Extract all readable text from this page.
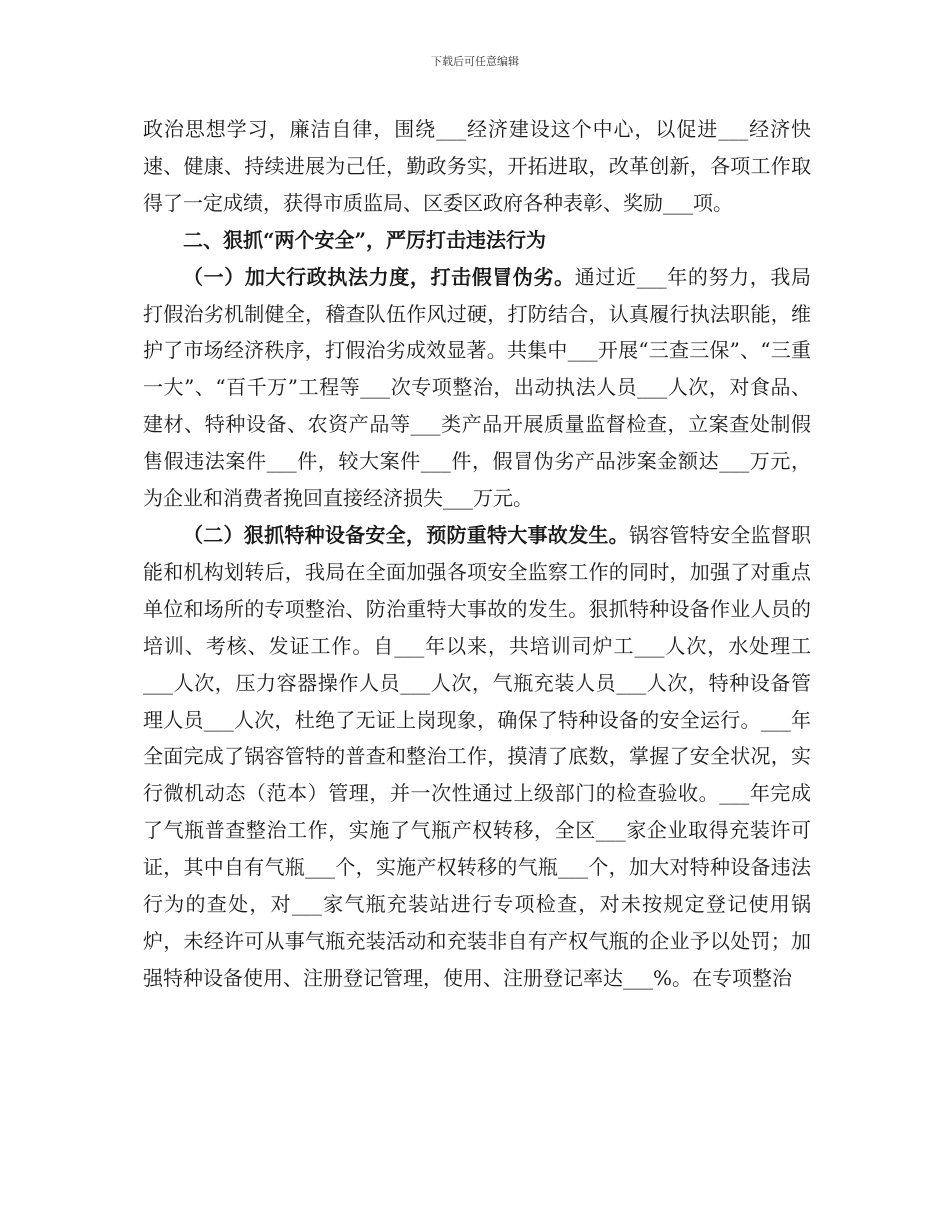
下载后可任意编辑

政治思想学习，廉洁自律，围绕___经济建设这个中心，以促进___经济快速、健康、持续进展为己任，勤政务实，开拓进取，改革创新，各项工作取得了一定成绩，获得市质监局、区委区政府各种表彰、奖励___项。

二、狠抓“两个安全”，严厉打击违法行为

（一）加大行政执法力度，打击假冒伪劣。通过近___年的努力，我局打假治劣机制健全，稽查队伍作风过硬，打防结合，认真履行执法职能，维护了市场经济秩序，打假治劣成效显著。共集中___开展“三查三保”、“三重一大”、“百千万”工程等___次专项整治，出动执法人员___人次，对食品、建材、特种设备、农资产品等___类产品开展质量监督检查，立案查处制假售假违法案件___件，较大案件___件，假冒伪劣产品涉案金额达___万元，为企业和消费者挽回直接经济损失___万元。

（二）狠抓特种设备安全，预防重特大事故发生。锅容管特安全监督职能和机构划转后，我局在全面加强各项安全监察工作的同时，加强了对重点单位和场所的专项整治、防治重特大事故的发生。狠抓特种设备作业人员的培训、考核、发证工作。自___年以来，共培训司炉工___人次，水处理工___人次，压力容器操作人员___人次，气瓶充装人员___人次，特种设备管理人员___人次，杜绝了无证上岗现象，确保了特种设备的安全运行。___年全面完成了锅容管特的普查和整治工作，摸清了底数，掌握了安全状况，实行微机动态（范本）管理，并一次性通过上级部门的检查验收。___年完成了气瓶普查整治工作，实施了气瓶产权转移，全区___家企业取得充装许可证，其中自有气瓶___个，实施产权转移的气瓶___个，加大对特种设备违法行为的查处，对___家气瓶充装站进行专项检查，对未按规定登记使用锅炉，未经许可从事气瓶充装活动和充装非自有产权气瓶的企业予以处罚；加强特种设备使用、注册登记管理，使用、注册登记率达___%。在专项整治
